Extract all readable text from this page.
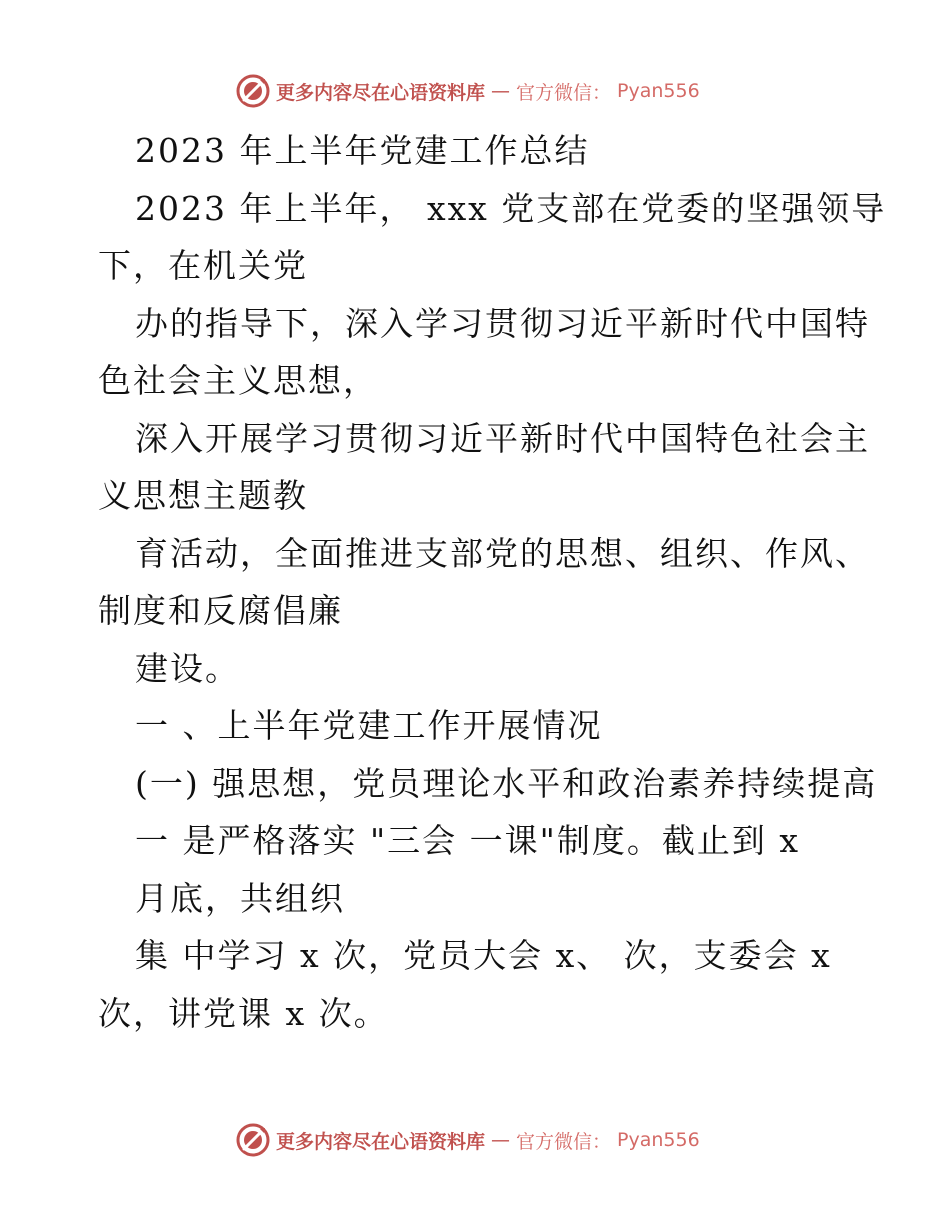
更多内容尽在心语资料库 — 官方微信： Pyan556
2023 年上半年党建工作总结
2023 年上半年， xxx 党支部在党委的坚强领导
下，在机关党
办的指导下，深入学习贯彻习近平新时代中国特
色社会主义思想，
深入开展学习贯彻习近平新时代中国特色社会主
义思想主题教
育活动，全面推进支部党的思想、组织、作风、
制度和反腐倡廉
建设。
一 、上半年党建工作开展情况
(一) 强思想，党员理论水平和政治素养持续提高
一 是严格落实 "三会 一课"制度。截止到 x
月底，共组织
集 中学习 x 次，党员大会 x、 次，支委会 x
次，讲党课 x 次。
更多内容尽在心语资料库 — 官方微信： Pyan556
